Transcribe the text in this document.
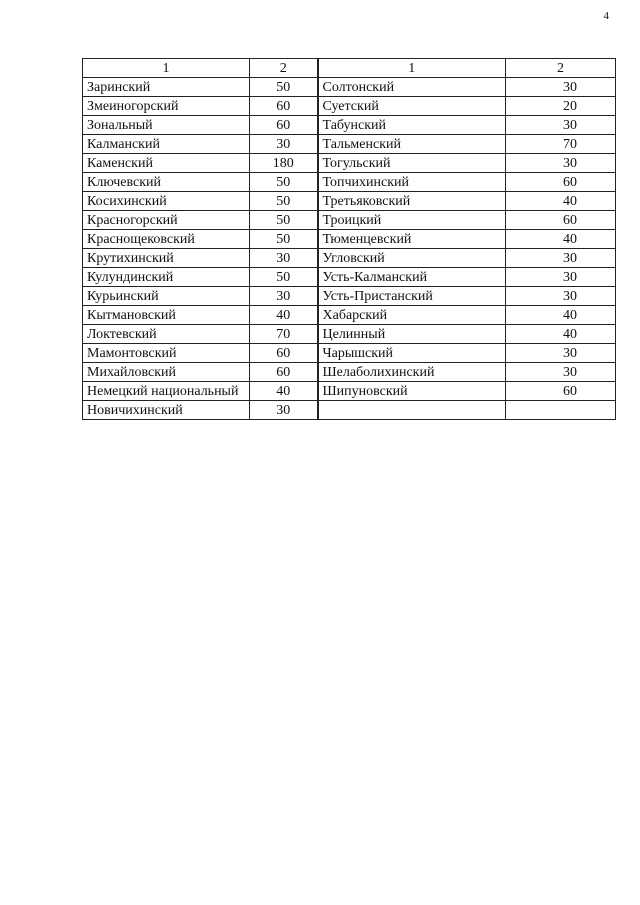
4
1	2	1	2
Заринский	50	Солтонский	30
Змеиногорский	60	Суетский	20
Зональный	60	Табунский	30
Калманский	30	Тальменский	70
Каменский	180	Тогульский	30
Ключевский	50	Топчихинский	60
Косихинский	50	Третьяковский	40
Красногорский	50	Троицкий	60
Краснощековский	50	Тюменцевский	40
Крутихинский	30	Угловский	30
Кулундинский	50	Усть-Калманский	30
Курьинский	30	Усть-Пристанский	30
Кытмановский	40	Хабарский	40
Локтевский	70	Целинный	40
Мамонтовский	60	Чарышский	30
Михайловский	60	Шелаболихинский	30
Немецкий национальный	40	Шипуновский	60
Новичихинский	30		
